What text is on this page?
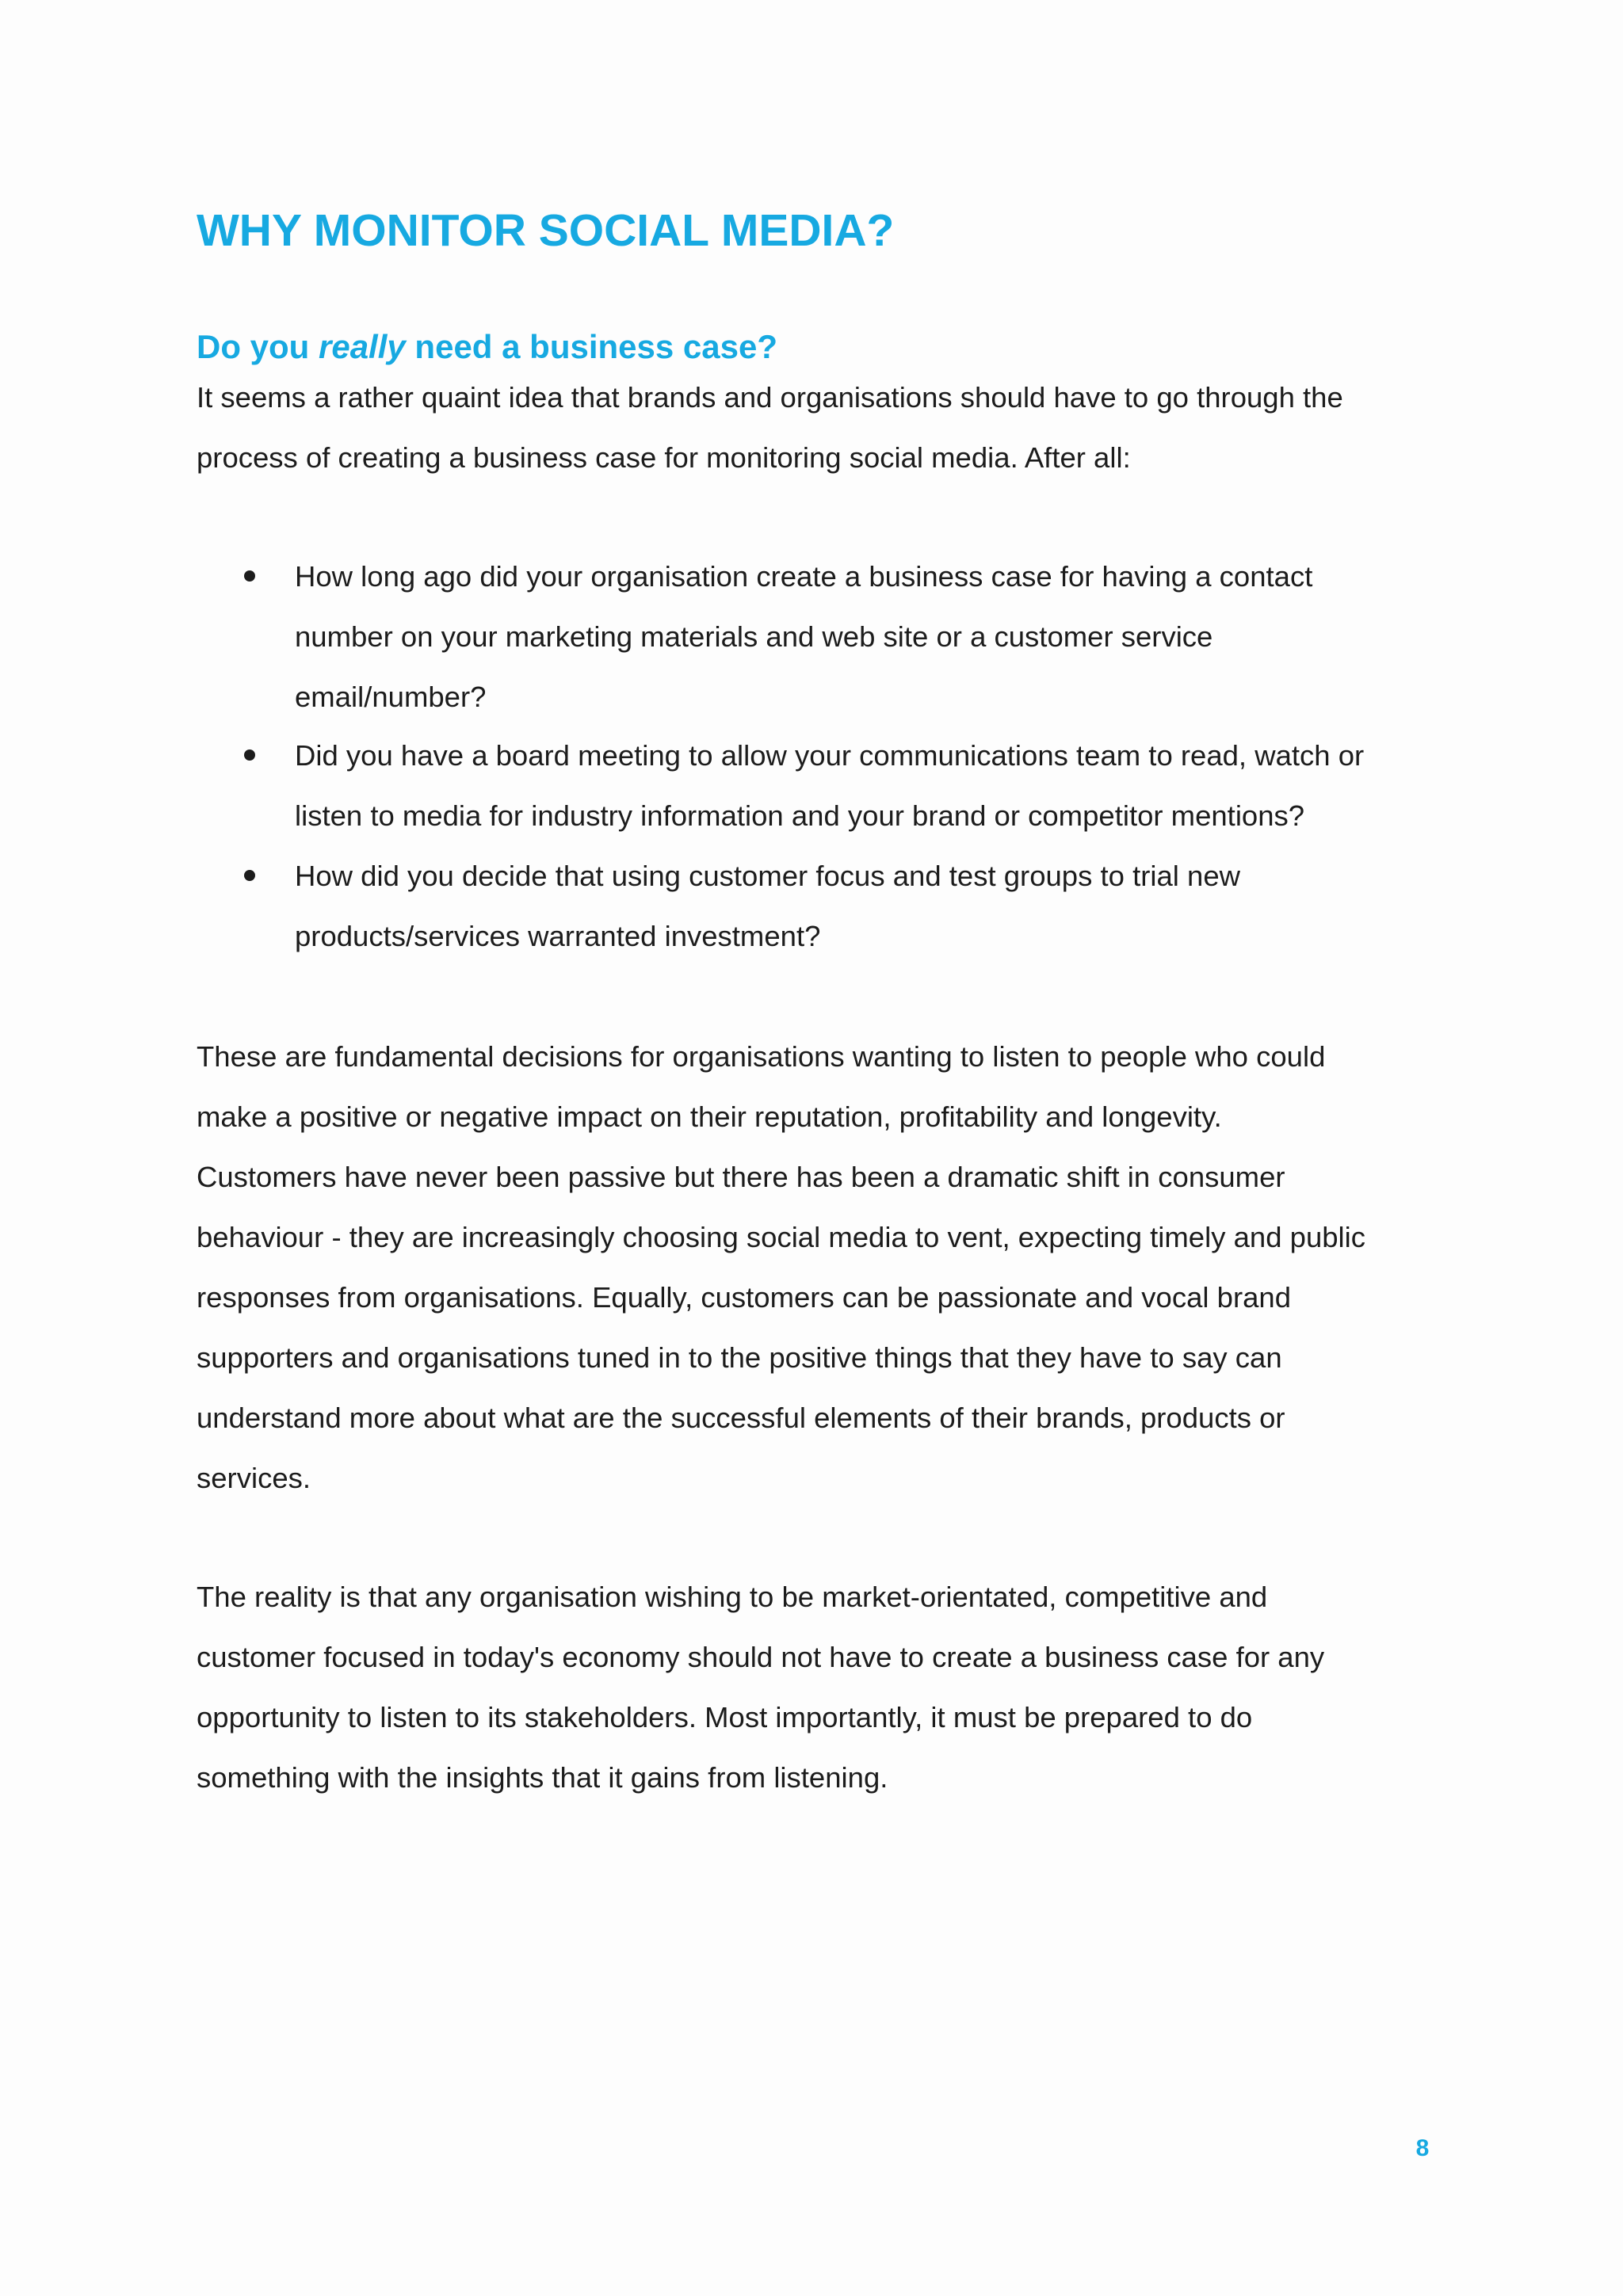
WHY MONITOR SOCIAL MEDIA?
Do you really need a business case?

It seems a rather quaint idea that brands and organisations should have to go through the

process of creating a business case for monitoring social media. After all:

How long ago did your organisation create a business case for having a contact

number on your marketing materials and web site or a customer service

email/number?

Did you have a board meeting to allow your communications team to read, watch or

listen to media for industry information and your brand or competitor mentions?

How did you decide that using customer focus and test groups to trial new

products/services warranted investment?

These are fundamental decisions for organisations wanting to listen to people who could

make a positive or negative impact on their reputation, profitability and longevity.

Customers have never been passive but there has been a dramatic shift in consumer

behaviour - they are increasingly choosing social media to vent, expecting timely and public

responses from organisations. Equally, customers can be passionate and vocal brand

supporters and organisations tuned in to the positive things that they have to say can

understand more about what are the successful elements of their brands, products or

services.

The reality is that any organisation wishing to be market-orientated, competitive and

customer focused in today's economy should not have to create a business case for any

opportunity to listen to its stakeholders. Most importantly, it must be prepared to do

something with the insights that it gains from listening.

8
